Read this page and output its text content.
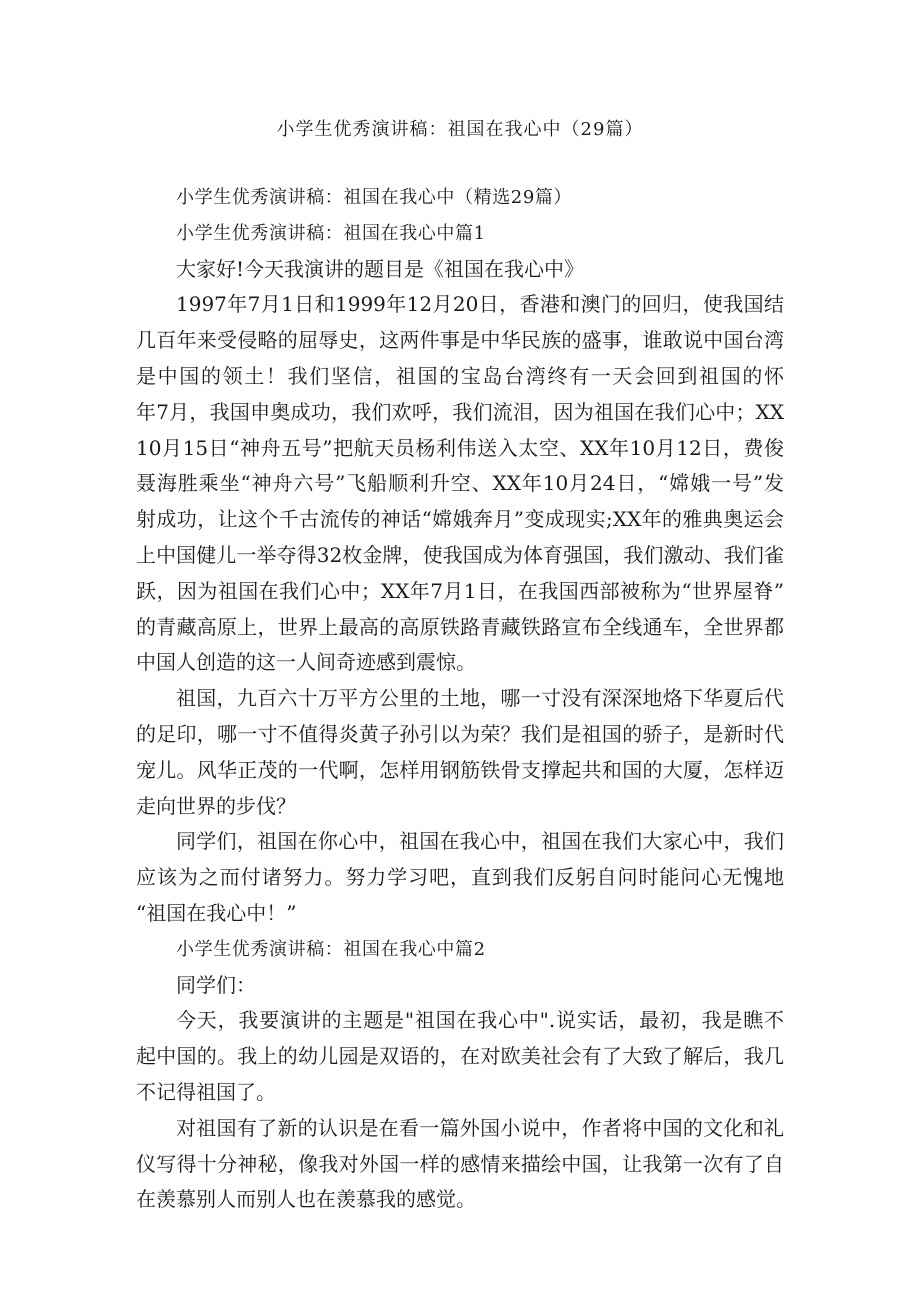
小学生优秀演讲稿：祖国在我心中（29篇）
小学生优秀演讲稿：祖国在我心中（精选29篇）
小学生优秀演讲稿：祖国在我心中篇1
大家好!今天我演讲的题目是《祖国在我心中》
1997年7月1日和1999年12月20日，香港和澳门的回归，使我国结
几百年来受侵略的屈辱史，这两件事是中华民族的盛事，谁敢说中国台湾
是中国的领土！我们坚信，祖国的宝岛台湾终有一天会回到祖国的怀
年7月，我国申奥成功，我们欢呼，我们流泪，因为祖国在我们心中；XX
10月15日“神舟五号”把航天员杨利伟送入太空、XX年10月12日，费俊
聂海胜乘坐“神舟六号”飞船顺利升空、XX年10月24日，“嫦娥一号”发
射成功，让这个千古流传的神话“嫦娥奔月”变成现实;XX年的雅典奥运会
上中国健儿一举夺得32枚金牌，使我国成为体育强国，我们激动、我们雀
跃，因为祖国在我们心中；XX年7月1日，在我国西部被称为“世界屋脊”
的青藏高原上，世界上最高的高原铁路青藏铁路宣布全线通车，全世界都
中国人创造的这一人间奇迹感到震惊。
祖国，九百六十万平方公里的土地，哪一寸没有深深地烙下华夏后代
的足印，哪一寸不值得炎黄子孙引以为荣？我们是祖国的骄子，是新时代
宠儿。风华正茂的一代啊，怎样用钢筋铁骨支撑起共和国的大厦，怎样迈
走向世界的步伐？
同学们，祖国在你心中，祖国在我心中，祖国在我们大家心中，我们
应该为之而付诸努力。努力学习吧，直到我们反躬自问时能问心无愧地
“祖国在我心中！”
小学生优秀演讲稿：祖国在我心中篇2
同学们：
今天，我要演讲的主题是"祖国在我心中".说实话，最初，我是瞧不
起中国的。我上的幼儿园是双语的，在对欧美社会有了大致了解后，我几
不记得祖国了。
对祖国有了新的认识是在看一篇外国小说中，作者将中国的文化和礼
仪写得十分神秘，像我对外国一样的感情来描绘中国，让我第一次有了自
在羡慕别人而别人也在羡慕我的感觉。
